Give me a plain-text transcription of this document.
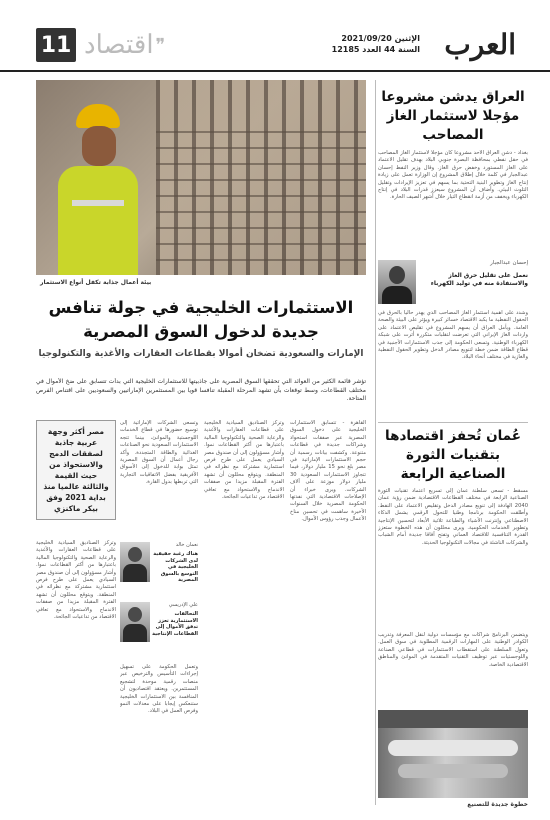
العرب
الإثنين 2021/09/20
السنة 44 العدد 12185
11 اقتصاد ❞
العراق يدشن مشروعا مؤجلا لاستثمار الغاز المصاحب
بغداد - دشن العراق الأحد مشروعا كان مؤجلا لاستثمار الغاز المصاحب في حقل نفطي بمحافظة البصرة جنوبي البلاد بهدف تقليل الاعتماد على الغاز المستورد وخفض حرق الغاز. وقال وزير النفط إحسان عبدالجبار في كلمة خلال إطلاق المشروع إن الوزارة تعمل على زيادة إنتاج الغاز وتطوير البنية التحتية بما يسهم في تعزيز الإيرادات وتقليل التلوث البيئي. وأضاف أن المشروع سيعزز قدرات البلاد في إنتاج الكهرباء ويخفف من أزمة انقطاع التيار خلال أشهر الصيف الحارة.
إحسان عبدالجبار
نعمل على تقليل حرق الغاز والاستفادة منه في توليد الكهرباء
وشدد على أهمية استثمار الغاز المصاحب الذي يهدر حاليا بالحرق في الحقول النفطية ما يكبد الاقتصاد خسائر كبيرة ويؤثر على البيئة والصحة العامة. ويأمل العراق أن يسهم المشروع في تقليص الاعتماد على واردات الغاز الإيراني التي تعرضت لتقلبات متكررة أثرت على شبكة الكهرباء الوطنية. وتسعى الحكومة إلى جذب الاستثمارات الأجنبية في قطاع الطاقة ضمن خطة لتنويع مصادر الدخل وتطوير الحقول النفطية والغازية في مختلف أنحاء البلاد.
عُمان تُحفز اقتصادها بتقنيات الثورة الصناعية الرابعة
مسقط - تسعى سلطنة عمان إلى تسريع اعتماد تقنيات الثورة الصناعية الرابعة في مختلف القطاعات الاقتصادية ضمن رؤية عمان 2040 الهادفة إلى تنويع مصادر الدخل وتقليص الاعتماد على النفط. وأطلقت الحكومة برنامجا وطنيا للتحول الرقمي يشمل الذكاء الاصطناعي وإنترنت الأشياء والطباعة ثلاثية الأبعاد لتحسين الإنتاجية وتطوير الخدمات الحكومية. ويرى محللون أن هذه الخطوة ستعزز القدرة التنافسية للاقتصاد العماني وتفتح آفاقا جديدة أمام الشباب والشركات الناشئة في مجالات التكنولوجيا الحديثة.
ويتضمن البرنامج شراكات مع مؤسسات دولية لنقل المعرفة وتدريب الكوادر الوطنية على المهارات الرقمية المطلوبة في سوق العمل. وتعول السلطنة على استقطاب الاستثمارات في قطاعي الصناعة واللوجستيات عبر توظيف التقنيات المتقدمة في الموانئ والمناطق الاقتصادية الخاصة.
خطوة جديدة للتصنيع
بيئة أعمال جذابة تكفل أنواع الاستثمار
الاستثمارات الخليجية في جولة تنافس جديدة لدخول السوق المصرية
الإمارات والسعودية تضخان أموالا بقطاعات العقارات والأغذية والتكنولوجيا
تؤشر قائمة الكثير من العوائد التي تحققها السوق المصرية على جاذبيتها للاستثمارات الخليجية التي بدأت تتسابق على ضخ الأموال في مختلف القطاعات، وسط توقعات بأن تشهد المرحلة المقبلة تنافسا قويا بين المستثمرين الإماراتيين والسعوديين على اقتناص الفرص المتاحة.
القاهرة - تتسابق الاستثمارات الخليجية على دخول السوق المصرية عبر صفقات استحواذ وشراكات جديدة في قطاعات متنوعة. وكشفت بيانات رسمية أن حجم الاستثمارات الإماراتية في مصر بلغ نحو 15 مليار دولار، فيما تتجاوز الاستثمارات السعودية 30 مليار دولار موزعة على آلاف الشركات. ويرى خبراء أن الإصلاحات الاقتصادية التي نفذتها الحكومة المصرية خلال السنوات الأخيرة ساهمت في تحسين مناخ الأعمال وجذب رؤوس الأموال.
وتركز الصناديق السيادية الخليجية على قطاعات العقارات والأغذية والرعاية الصحية والتكنولوجيا المالية باعتبارها من أكثر القطاعات نموا. وأشار مسؤولون إلى أن صندوق مصر السيادي يعمل على طرح فرص استثمارية مشتركة مع نظرائه في المنطقة. ويتوقع محللون أن تشهد الفترة المقبلة مزيدا من صفقات الاندماج والاستحواذ مع تعافي الاقتصاد من تداعيات الجائحة.
وتسعى الشركات الإماراتية إلى توسيع حضورها في قطاع الخدمات اللوجستية والموانئ، بينما تتجه الاستثمارات السعودية نحو الصناعات الغذائية والطاقة المتجددة. وأكد رجال أعمال أن السوق المصرية تمثل بوابة للدخول إلى الأسواق الأفريقية بفضل الاتفاقيات التجارية التي تربطها بدول القارة.
نعمان خالد
هناك رغبة حقيقية لدى الشركات الخليجية في التوسع بالسوق المصرية
علي الإدريسي
التحالفات الاستثمارية تعزز تدفق الأموال إلى القطاعات الإنتاجية
وتعمل الحكومة على تسهيل إجراءات التأسيس والترخيص عبر منصات رقمية موحدة لتشجيع المستثمرين. ويعتقد اقتصاديون أن المنافسة بين الاستثمارات الخليجية ستنعكس إيجابا على معدلات النمو وفرص العمل في البلاد.
مصر أكثر وجهة عربية جاذبة لصفقات الدمج والاستحواذ من حيث القيمة والثالثة عالميا منذ بداية 2021 وفق بيكر ماكنزي
وتركز الصناديق السيادية الخليجية على قطاعات العقارات والأغذية والرعاية الصحية والتكنولوجيا المالية باعتبارها من أكثر القطاعات نموا. وأشار مسؤولون إلى أن صندوق مصر السيادي يعمل على طرح فرص استثمارية مشتركة مع نظرائه في المنطقة. ويتوقع محللون أن تشهد الفترة المقبلة مزيدا من صفقات الاندماج والاستحواذ مع تعافي الاقتصاد من تداعيات الجائحة.
